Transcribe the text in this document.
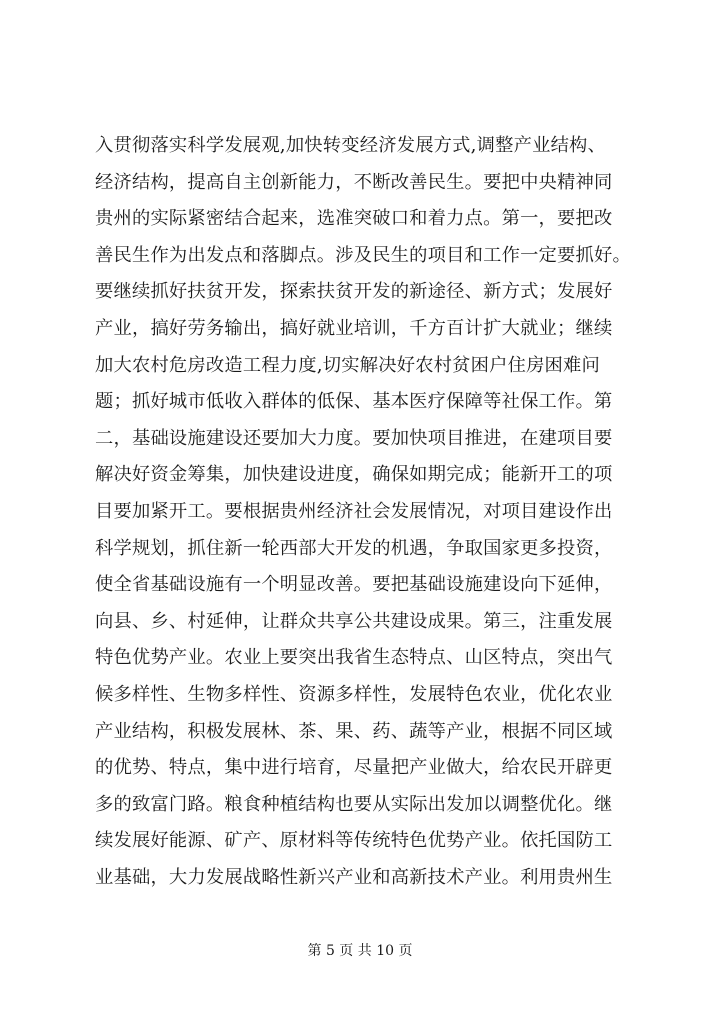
入贯彻落实科学发展观,加快转变经济发展方式,调整产业结构、
经济结构，提高自主创新能力，不断改善民生。要把中央精神同
贵州的实际紧密结合起来，选准突破口和着力点。第一，要把改
善民生作为出发点和落脚点。涉及民生的项目和工作一定要抓好。
要继续抓好扶贫开发，探索扶贫开发的新途径、新方式；发展好
产业，搞好劳务输出，搞好就业培训，千方百计扩大就业；继续
加大农村危房改造工程力度,切实解决好农村贫困户住房困难问
题；抓好城市低收入群体的低保、基本医疗保障等社保工作。第
二，基础设施建设还要加大力度。要加快项目推进，在建项目要
解决好资金筹集，加快建设进度，确保如期完成；能新开工的项
目要加紧开工。要根据贵州经济社会发展情况，对项目建设作出
科学规划，抓住新一轮西部大开发的机遇，争取国家更多投资，
使全省基础设施有一个明显改善。要把基础设施建设向下延伸，
向县、乡、村延伸，让群众共享公共建设成果。第三，注重发展
特色优势产业。农业上要突出我省生态特点、山区特点，突出气
候多样性、生物多样性、资源多样性，发展特色农业，优化农业
产业结构，积极发展林、茶、果、药、蔬等产业，根据不同区域
的优势、特点，集中进行培育，尽量把产业做大，给农民开辟更
多的致富门路。粮食种植结构也要从实际出发加以调整优化。继
续发展好能源、矿产、原材料等传统特色优势产业。依托国防工
业基础，大力发展战略性新兴产业和高新技术产业。利用贵州生
第 5 页 共 10 页
